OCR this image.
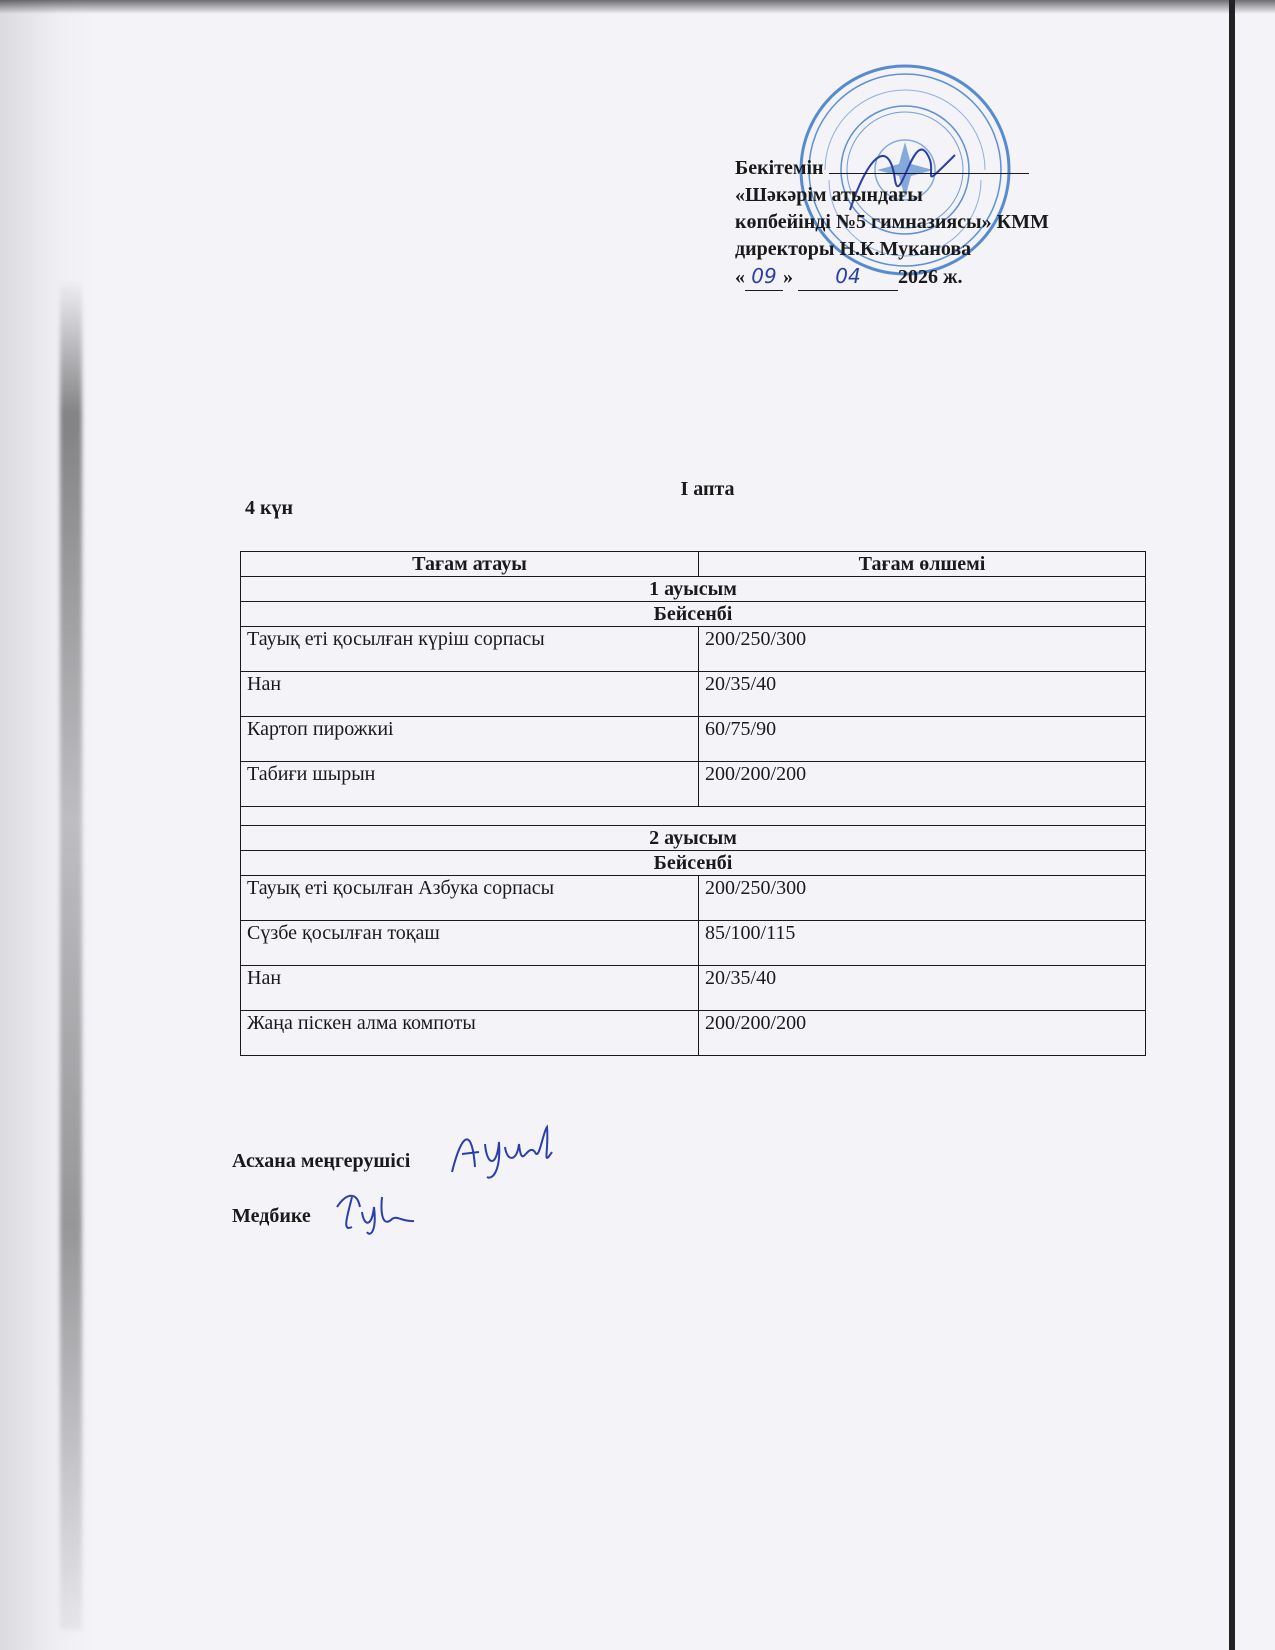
Бекітемін
«Шәкәрім атындағы
көпбейінді №5 гимназиясы» КММ
директоры Н.К.Муканова
« 09 » 04 2026 ж.
І апта
4 күн
Тағам атауы	Тағам өлшемі
1 ауысым	
Бейсенбі	
Тауық еті қосылған күріш сорпасы	200/250/300
Нан	20/35/40
Картоп пирожкиі	60/75/90
Табиғи шырын	200/200/200

2 ауысым	
Бейсенбі	
Тауық еті қосылған Азбука сорпасы	200/250/300
Сүзбе қосылған тоқаш	85/100/115
Нан	20/35/40
Жаңа піскен алма компоты	200/200/200
Асхана меңгерушісі
Медбике
